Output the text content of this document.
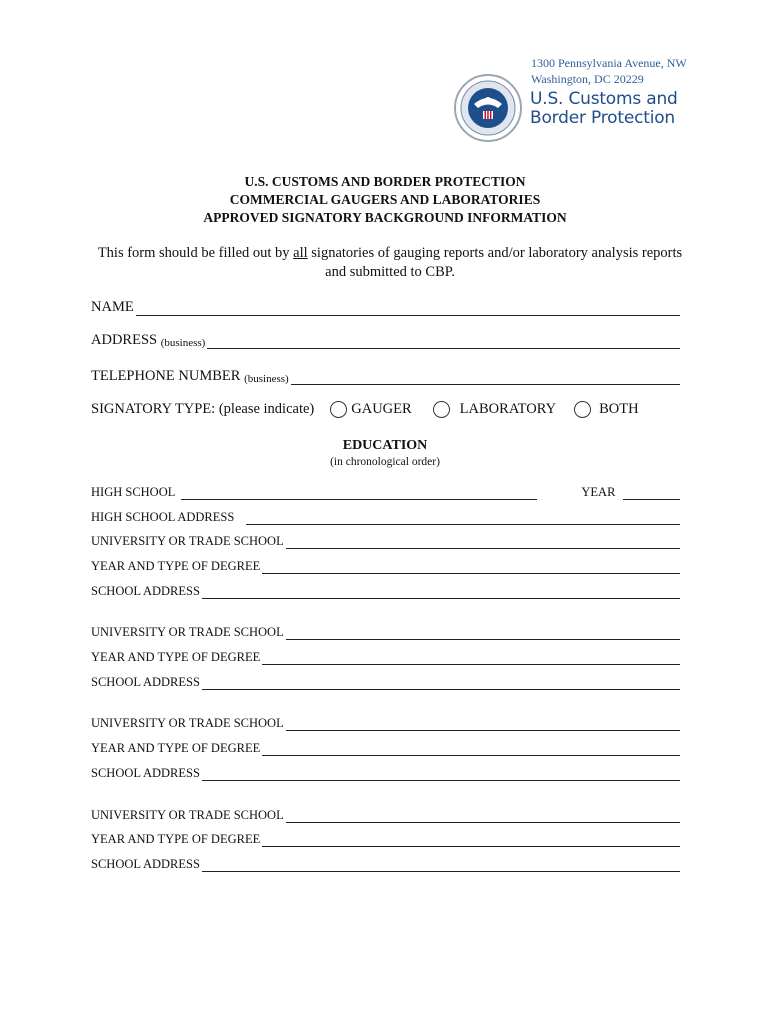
1300 Pennsylvania Avenue, NW
Washington, DC 20229
U.S. Customs and
Border Protection
U.S. CUSTOMS AND BORDER PROTECTION
COMMERCIAL GAUGERS AND LABORATORIES
APPROVED SIGNATORY BACKGROUND INFORMATION
This form should be filled out by all signatories of gauging reports and/or laboratory analysis reports and submitted to CBP.
NAME
ADDRESS
(business)
TELEPHONE NUMBER
(business)
SIGNATORY TYPE: (please indicate)	GAUGER	LABORATORY	BOTH
EDUCATION
(in chronological order)
HIGH SCHOOL	YEAR
HIGH SCHOOL ADDRESS
UNIVERSITY OR TRADE SCHOOL
YEAR AND TYPE OF DEGREE
SCHOOL ADDRESS
UNIVERSITY OR TRADE SCHOOL
YEAR AND TYPE OF DEGREE
SCHOOL ADDRESS
UNIVERSITY OR TRADE SCHOOL
YEAR AND TYPE OF DEGREE
SCHOOL ADDRESS
UNIVERSITY OR TRADE SCHOOL
YEAR AND TYPE OF DEGREE
SCHOOL ADDRESS
